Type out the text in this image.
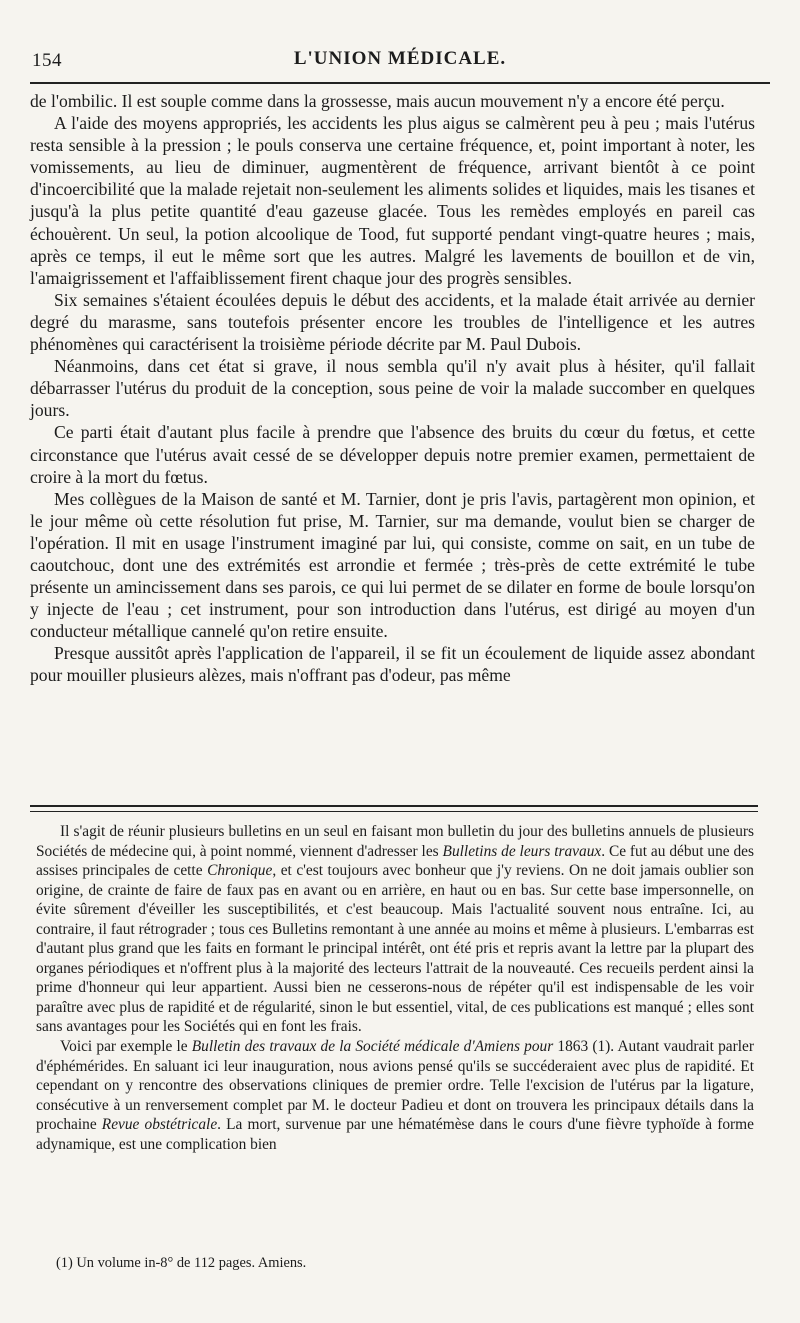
154	L'UNION MÉDICALE.

de l'ombilic. Il est souple comme dans la grossesse, mais aucun mouvement n'y a encore été perçu.

A l'aide des moyens appropriés, les accidents les plus aigus se calmèrent peu à peu ; mais l'utérus resta sensible à la pression ; le pouls conserva une certaine fréquence, et, point important à noter, les vomissements, au lieu de diminuer, augmentèrent de fréquence, arrivant bientôt à ce point d'incoercibilité que la malade rejetait non-seulement les aliments solides et liquides, mais les tisanes et jusqu'à la plus petite quantité d'eau gazeuse glacée. Tous les remèdes employés en pareil cas échouèrent. Un seul, la potion alcoolique de Tood, fut supporté pendant vingt-quatre heures ; mais, après ce temps, il eut le même sort que les autres. Malgré les lavements de bouillon et de vin, l'amaigrissement et l'affaiblissement firent chaque jour des progrès sensibles.

Six semaines s'étaient écoulées depuis le début des accidents, et la malade était arrivée au dernier degré du marasme, sans toutefois présenter encore les troubles de l'intelligence et les autres phénomènes qui caractérisent la troisième période décrite par M. Paul Dubois.

Néanmoins, dans cet état si grave, il nous sembla qu'il n'y avait plus à hésiter, qu'il fallait débarrasser l'utérus du produit de la conception, sous peine de voir la malade succomber en quelques jours.

Ce parti était d'autant plus facile à prendre que l'absence des bruits du cœur du fœtus, et cette circonstance que l'utérus avait cessé de se développer depuis notre premier examen, permettaient de croire à la mort du fœtus.

Mes collègues de la Maison de santé et M. Tarnier, dont je pris l'avis, partagèrent mon opinion, et le jour même où cette résolution fut prise, M. Tarnier, sur ma demande, voulut bien se charger de l'opération. Il mit en usage l'instrument imaginé par lui, qui consiste, comme on sait, en un tube de caoutchouc, dont une des extrémités est arrondie et fermée ; très-près de cette extrémité le tube présente un amincissement dans ses parois, ce qui lui permet de se dilater en forme de boule lorsqu'on y injecte de l'eau ; cet instrument, pour son introduction dans l'utérus, est dirigé au moyen d'un conducteur métallique cannelé qu'on retire ensuite.

Presque aussitôt après l'application de l'appareil, il se fit un écoulement de liquide assez abondant pour mouiller plusieurs alèzes, mais n'offrant pas d'odeur, pas même

Il s'agit de réunir plusieurs bulletins en un seul en faisant mon bulletin du jour des bulletins annuels de plusieurs Sociétés de médecine qui, à point nommé, viennent d'adresser les Bulletins de leurs travaux. Ce fut au début une des assises principales de cette Chronique, et c'est toujours avec bonheur que j'y reviens. On ne doit jamais oublier son origine, de crainte de faire de faux pas en avant ou en arrière, en haut ou en bas. Sur cette base impersonnelle, on évite sûrement d'éveiller les susceptibilités, et c'est beaucoup. Mais l'actualité souvent nous entraîne. Ici, au contraire, il faut rétrograder ; tous ces Bulletins remontant à une année au moins et même à plusieurs. L'embarras est d'autant plus grand que les faits en formant le principal intérêt, ont été pris et repris avant la lettre par la plupart des organes périodiques et n'offrent plus à la majorité des lecteurs l'attrait de la nouveauté. Ces recueils perdent ainsi la prime d'honneur qui leur appartient. Aussi bien ne cesserons-nous de répéter qu'il est indispensable de les voir paraître avec plus de rapidité et de régularité, sinon le but essentiel, vital, de ces publications est manqué ; elles sont sans avantages pour les Sociétés qui en font les frais.

Voici par exemple le Bulletin des travaux de la Société médicale d'Amiens pour 1863 (1). Autant vaudrait parler d'éphémérides. En saluant ici leur inauguration, nous avions pensé qu'ils se succéderaient avec plus de rapidité. Et cependant on y rencontre des observations cliniques de premier ordre. Telle l'excision de l'utérus par la ligature, consécutive à un renversement complet par M. le docteur Padieu et dont on trouvera les principaux détails dans la prochaine Revue obstétricale. La mort, survenue par une hématémèse dans le cours d'une fièvre typhoïde à forme adynamique, est une complication bien

(1) Un volume in-8° de 112 pages. Amiens.
